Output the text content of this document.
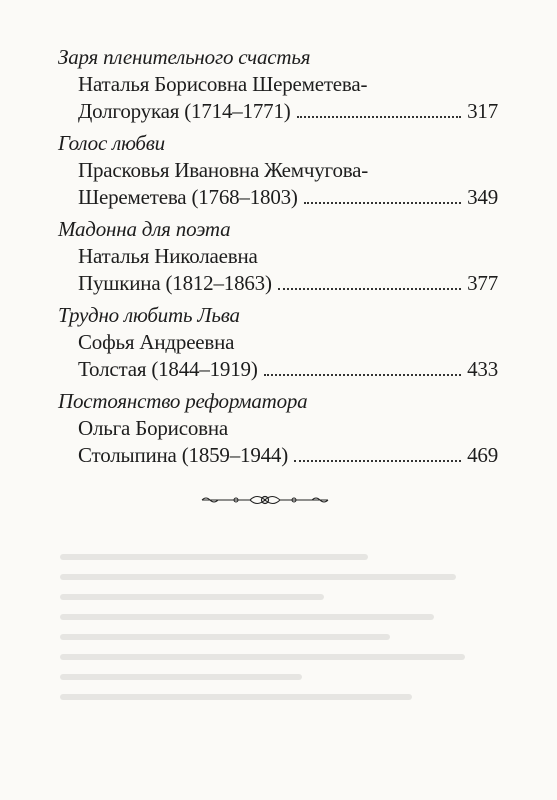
Заря пленительного счастья
Наталья Борисовна Шереметева-
Долгорукая (1714–1771)	317
Голос любви
Прасковья Ивановна Жемчугова-
Шереметева (1768–1803)	349
Мадонна для поэта
Наталья Николаевна
Пушкина (1812–1863)	377
Трудно любить Льва
Софья Андреевна
Толстая (1844–1919)	433
Постоянство реформатора
Ольга Борисовна
Столыпина (1859–1944)	469
